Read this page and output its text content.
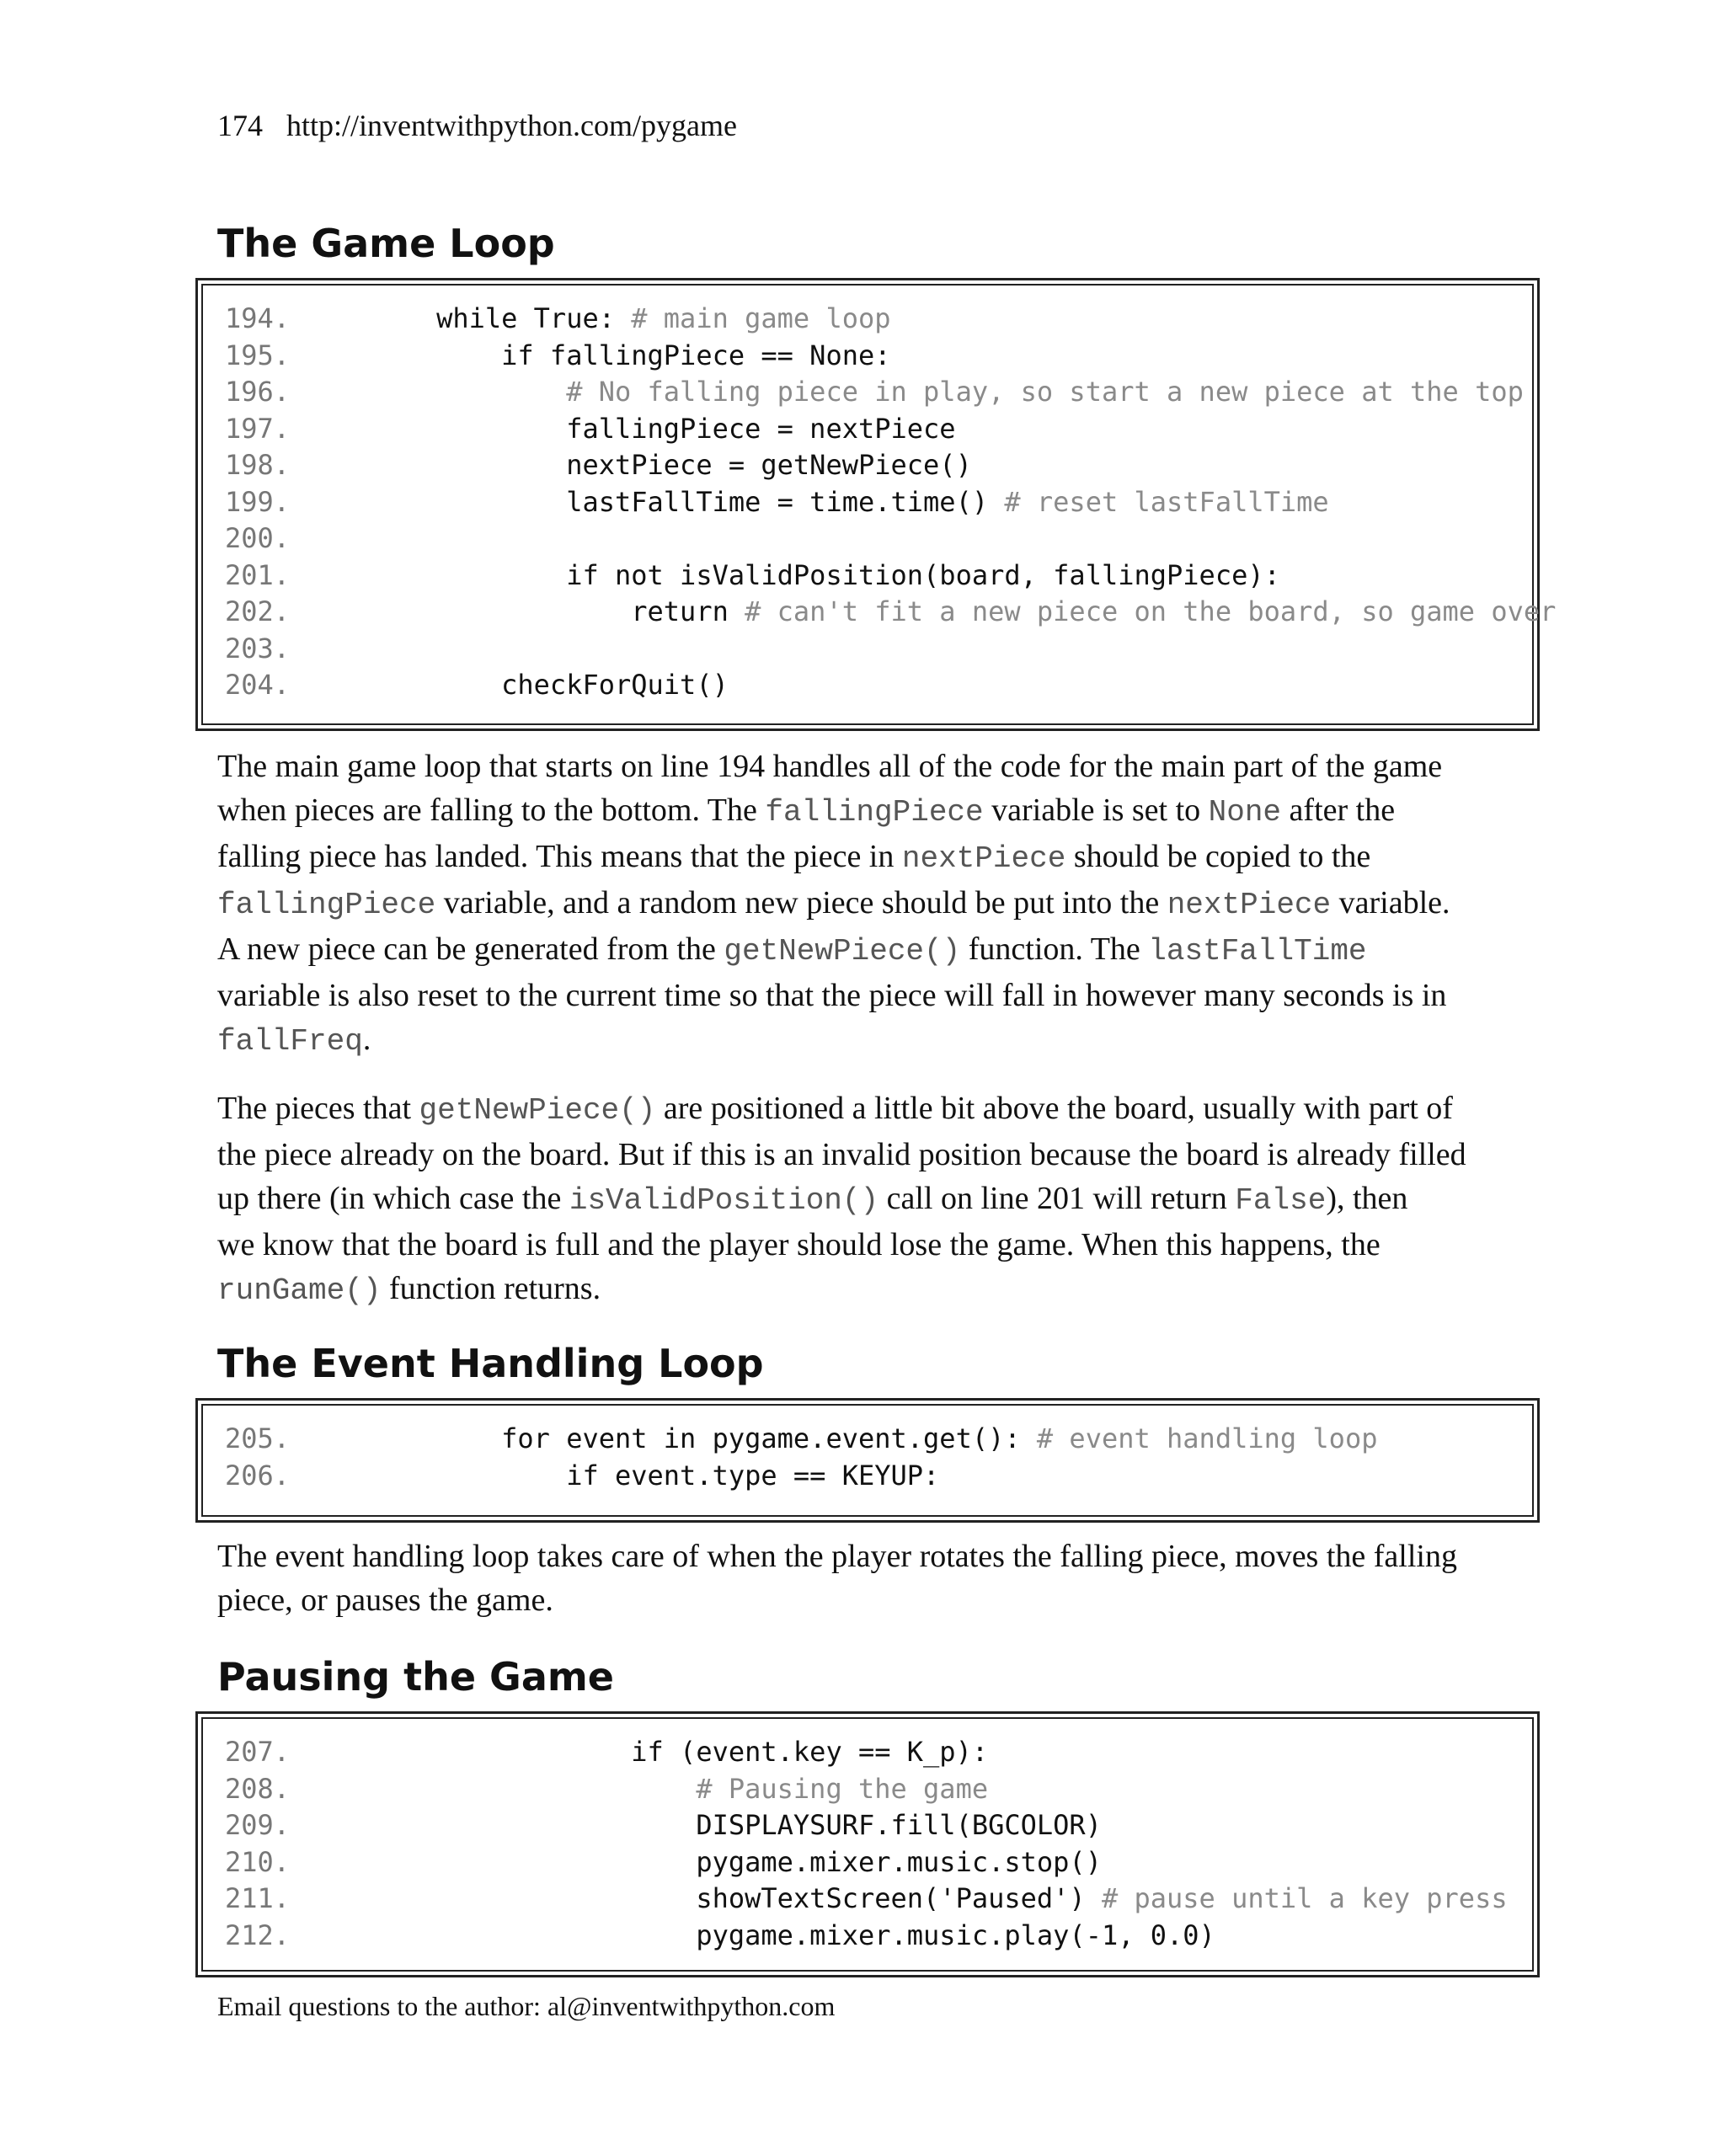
174 http://inventwithpython.com/pygame
The Game Loop
194.	while True: # main game loop
195.	if fallingPiece == None:
196.	# No falling piece in play, so start a new piece at the top
197.	fallingPiece = nextPiece
198.	nextPiece = getNewPiece()
199.	lastFallTime = time.time() # reset lastFallTime
200.
201.	if not isValidPosition(board, fallingPiece):
202.	return # can't fit a new piece on the board, so game over
203.
204.	checkForQuit()
The main game loop that starts on line 194 handles all of the code for the main part of the game
when pieces are falling to the bottom. The fallingPiece variable is set to None after the
falling piece has landed. This means that the piece in nextPiece should be copied to the
fallingPiece variable, and a random new piece should be put into the nextPiece variable.
A new piece can be generated from the getNewPiece() function. The lastFallTime
variable is also reset to the current time so that the piece will fall in however many seconds is in
fallFreq.
The pieces that getNewPiece() are positioned a little bit above the board, usually with part of
the piece already on the board. But if this is an invalid position because the board is already filled
up there (in which case the isValidPosition() call on line 201 will return False), then
we know that the board is full and the player should lose the game. When this happens, the
runGame() function returns.
The Event Handling Loop
205.	for event in pygame.event.get(): # event handling loop
206.	if event.type == KEYUP:
The event handling loop takes care of when the player rotates the falling piece, moves the falling
piece, or pauses the game.
Pausing the Game
207.	if (event.key == K_p):
208.	# Pausing the game
209.	DISPLAYSURF.fill(BGCOLOR)
210.	pygame.mixer.music.stop()
211.	showTextScreen('Paused') # pause until a key press
212.	pygame.mixer.music.play(-1, 0.0)
Email questions to the author: al@inventwithpython.com
